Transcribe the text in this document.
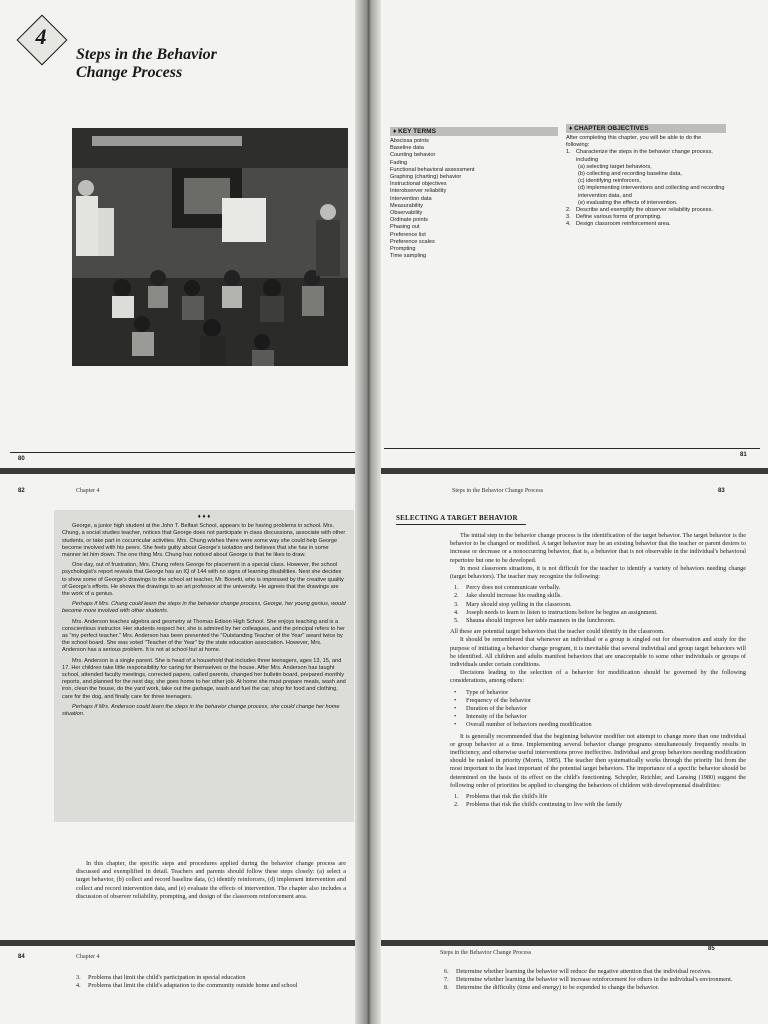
4
Steps in the Behavior
Change Process
80
♦ KEY TERMS
Abscissa points
Baseline data
Counting behavior
Fading
Functional behavioral assessment
Graphing (charting) behavior
Instructional objectives
Interobserver reliability
Intervention data
Measurability
Observability
Ordinate points
Phasing out
Preference list
Preference scales
Prompting
Time sampling
♦ CHAPTER OBJECTIVES
After completing this chapter, you will be able to do the following:
1. Characterize the steps in the behavior change process, including
(a) selecting target behaviors,
(b) collecting and recording baseline data,
(c) identifying reinforcers,
(d) implementing interventions and collecting and recording intervention data, and
(e) evaluating the effects of intervention.
2. Describe and exemplify the observer reliability process.
3. Define various forms of prompting.
4. Design classroom reinforcement area.
81
82	Chapter 4
♦ ♦ ♦

George, a junior high student at the John T. Belfast School, appears to be having problems in school. Mrs. Chung, a social studies teacher, notices that George does not participate in class discussions, associate with other students, or take part in cocurricular activities. Mrs. Chung wishes there were some way she could help George become involved with his peers. She feels guilty about George's isolation and believes that she has in some manner let him down. The one thing Mrs. Chung has noticed about George is that he likes to draw.

One day, out of frustration, Mrs. Chung refers George for placement in a special class. However, the school psychologist's report reveals that George has an IQ of 144 with no signs of learning disabilities. Next she decides to show some of George's drawings to the school art teacher, Mr. Bonetti, who is impressed by the creative quality of George's efforts. He shows the drawings to an art professor at the university. He agrees that the drawings are the work of a genius.

Perhaps if Mrs. Chung could learn the steps in the behavior change process, George, her young genius, would become more involved with other students.

Mrs. Anderson teaches algebra and geometry at Thomas Edison High School. She enjoys teaching and is a conscientious instructor. Her students respect her, she is admired by her colleagues, and the principal refers to her as "my perfect teacher." Mrs. Anderson has been presented the "Outstanding Teacher of the Year" award twice by the school board. She was voted "Teacher of the Year" by the state education association. However, Mrs. Anderson has a serious problem. It is not at school but at home.

Mrs. Anderson is a single parent. She is head of a household that includes three teenagers, ages 13, 15, and 17. Her children take little responsibility for caring for themselves or the house. After Mrs. Anderson has taught school, attended faculty meetings, corrected papers, called parents, changed her bulletin board, prepared monthly reports, and planned for the next day, she goes home to her other job. At home she must prepare meals, wash and iron, clean the house, do the yard work, take out the garbage, wash and fuel the car, shop for food and clothing, care for the dog, and finally care for three teenagers.

Perhaps if Mrs. Anderson could learn the steps in the behavior change process, she could change her home situation.

In this chapter, the specific steps and procedures applied during the behavior change process are discussed and exemplified in detail. Teachers and parents should follow these steps closely: (a) select a target behavior, (b) collect and record baseline data, (c) identify reinforcers, (d) implement intervention and collect and record intervention data, and (e) evaluate the effects of intervention. The chapter also includes a discussion of observer reliability, prompting, and design of the classroom reinforcement area.
Steps in the Behavior Change Process	83
SELECTING A TARGET BEHAVIOR
The initial step in the behavior change process is the identification of the target behavior. The target behavior is the behavior to be changed or modified. A target behavior may be an existing behavior that the teacher or parent desires to increase or decrease or a nonoccurring behavior, that is, a behavior that is not observable in the individual's behavioral repertoire but one to be developed.
In most classroom situations, it is not difficult for the teacher to identify a variety of behaviors needing change (target behaviors). The teacher may recognize the following:
1.	Percy does not communicate verbally.
2.	Jake should increase his reading skills.
3.	Mary should stop yelling in the classroom.
4.	Joseph needs to learn to listen to instructions before he begins an assignment.
5.	Shauna should improve her table manners in the lunchroom.
All these are potential target behaviors that the teacher could identify in the classroom.
It should be remembered that whenever an individual or a group is singled out for observation and study for the purpose of initiating a behavior change program, it is inevitable that several individual and group target behaviors will be identified. All children and adults manifest behaviors that are unacceptable to some other individuals or groups of individuals under certain conditions.
Decisions leading to the selection of a behavior for modification should be governed by the following considerations, among others:
•	Type of behavior
•	Frequency of the behavior
•	Duration of the behavior
•	Intensity of the behavior
•	Overall number of behaviors needing modification
It is generally recommended that the beginning behavior modifier not attempt to change more than one individual or group behavior at a time. Implementing several behavior change programs simultaneously frequently results in inefficiency, and otherwise useful interventions prove ineffective. Individual and group behaviors needing modification should be ranked in priority (Morris, 1985). The teacher then systematically works through the priority list from the most important to the least important of the potential target behaviors. The importance of a specific behavior should be determined on the basis of its effect on the child's functioning. Schopler, Reichler, and Lansing (1980) suggest the following order of priorities be applied to changing the behaviors of children with developmental disabilities:
1.	Problems that risk the child's life
2.	Problems that risk the child's continuing to live with the family
84	Chapter 4
3.	Problems that limit the child's participation in special education
4.	Problems that limit the child's adaptation to the community outside home and school
Steps in the Behavior Change Process
85
6.	Determine whether learning the behavior will reduce the negative attention that the individual receives.
7.	Determine whether learning the behavior will increase reinforcement for others in the individual's environment.
8.	Determine the difficulty (time and energy) to be expended to change the behavior.
